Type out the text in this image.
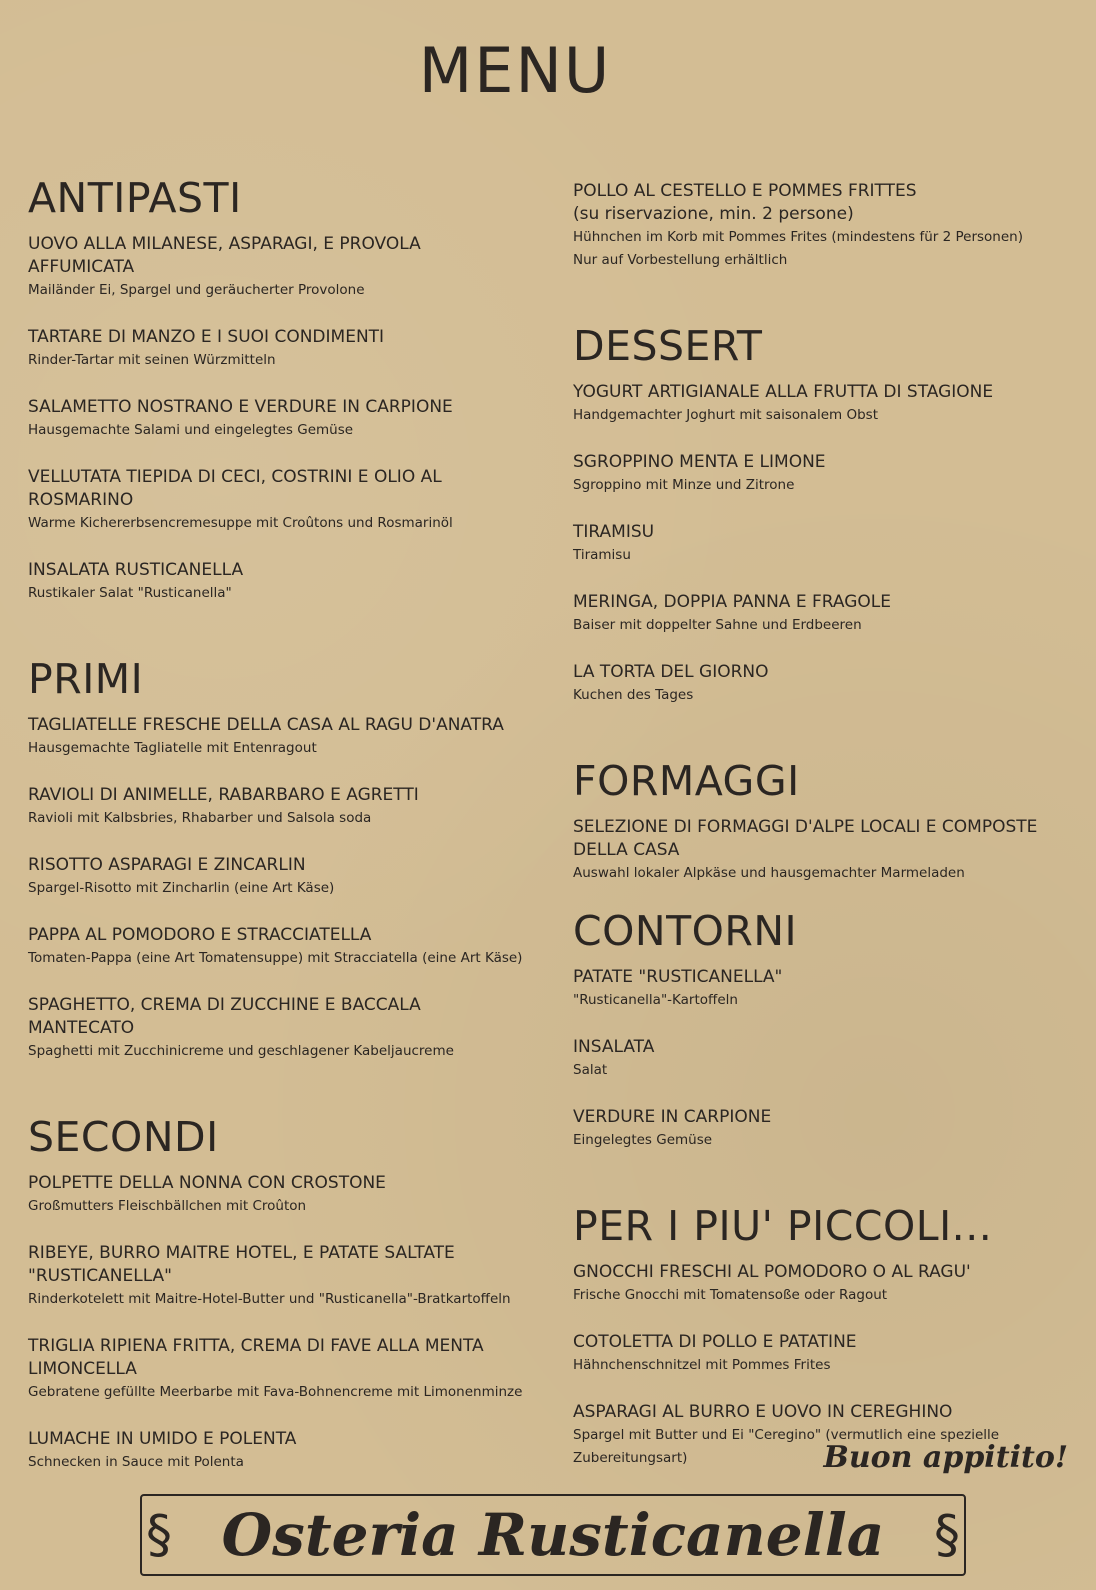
MENU
ANTIPASTI
UOVO ALLA MILANESE, ASPARAGI, E PROVOLA AFFUMICATA
Mailänder Ei, Spargel und geräucherter Provolone
TARTARE DI MANZO E I SUOI CONDIMENTI
Rinder-Tartar mit seinen Würzmitteln
SALAMETTO NOSTRANO E VERDURE IN CARPIONE
Hausgemachte Salami und eingelegtes Gemüse
VELLUTATA TIEPIDA DI CECI, COSTRINI E OLIO AL ROSMARINO
Warme Kichererbsencremesuppe mit Croûtons und Rosmarinöl
INSALATA RUSTICANELLA
Rustikaler Salat "Rusticanella"
PRIMI
TAGLIATELLE FRESCHE DELLA CASA AL RAGU D'ANATRA
Hausgemachte Tagliatelle mit Entenragout
RAVIOLI DI ANIMELLE, RABARBARO E AGRETTI
Ravioli mit Kalbsbries, Rhabarber und Salsola soda
RISOTTO ASPARAGI E ZINCARLIN
Spargel-Risotto mit Zincharlin (eine Art Käse)
PAPPA AL POMODORO E STRACCIATELLA
Tomaten-Pappa (eine Art Tomatensuppe) mit Stracciatella (eine Art Käse)
SPAGHETTO, CREMA DI ZUCCHINE E BACCALA MANTECATO
Spaghetti mit Zucchinicreme und geschlagener Kabeljaucreme
SECONDI
POLPETTE DELLA NONNA CON CROSTONE
Großmutters Fleischbällchen mit Croûton
RIBEYE, BURRO MAITRE HOTEL, E PATATE SALTATE "RUSTICANELLA"
Rinderkotelett mit Maitre-Hotel-Butter und "Rusticanella"-Bratkartoffeln
TRIGLIA RIPIENA FRITTA, CREMA DI FAVE ALLA MENTA LIMONCELLA
Gebratene gefüllte Meerbarbe mit Fava-Bohnencreme mit Limonenminze
LUMACHE IN UMIDO E POLENTA
Schnecken in Sauce mit Polenta
POLLO AL CESTELLO E POMMES FRITTES
(su riservazione, min. 2 persone)
Hühnchen im Korb mit Pommes Frites (mindestens für 2 Personen)
Nur auf Vorbestellung erhältlich
DESSERT
YOGURT ARTIGIANALE ALLA FRUTTA DI STAGIONE
Handgemachter Joghurt mit saisonalem Obst
SGROPPINO MENTA E LIMONE
Sgroppino mit Minze und Zitrone
TIRAMISU
Tiramisu
MERINGA, DOPPIA PANNA E FRAGOLE
Baiser mit doppelter Sahne und Erdbeeren
LA TORTA DEL GIORNO
Kuchen des Tages
FORMAGGI
SELEZIONE DI FORMAGGI D'ALPE LOCALI E COMPOSTE DELLA CASA
Auswahl lokaler Alpkäse und hausgemachter Marmeladen
CONTORNI
PATATE "RUSTICANELLA"
"Rusticanella"-Kartoffeln
INSALATA
Salat
VERDURE IN CARPIONE
Eingelegtes Gemüse
PER I PIU' PICCOLI...
GNOCCHI FRESCHI AL POMODORO O AL RAGU'
Frische Gnocchi mit Tomatensoße oder Ragout
COTOLETTA DI POLLO E PATATINE
Hähnchenschnitzel mit Pommes Frites
ASPARAGI AL BURRO E UOVO IN CEREGHINO
Spargel mit Butter und Ei "Ceregino" (vermutlich eine spezielle Zubereitungsart)	Buon appitito!
§ Osteria Rusticanella §
